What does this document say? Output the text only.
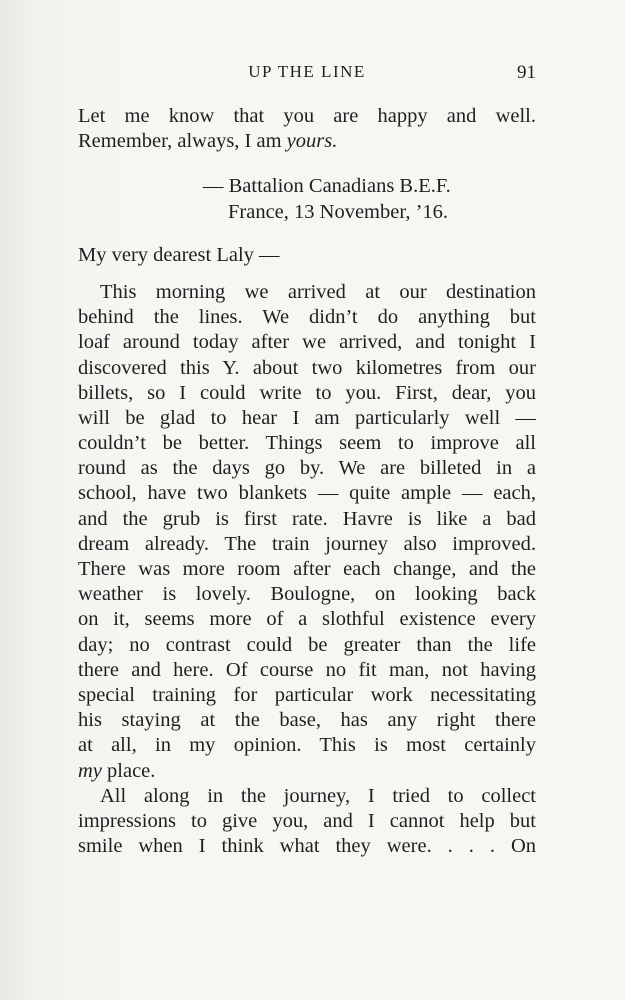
UP THE LINE	91
Let me know that you are happy and well.
Remember, always, I am yours.
— Battalion Canadians B.E.F.
France, 13 November, ’16.
My very dearest Laly —
This morning we arrived at our destination
behind the lines. We didn’t do anything but
loaf around today after we arrived, and tonight I
discovered this Y. about two kilometres from our
billets, so I could write to you. First, dear, you
will be glad to hear I am particularly well —
couldn’t be better. Things seem to improve all
round as the days go by. We are billeted in a
school, have two blankets — quite ample — each,
and the grub is first rate. Havre is like a bad
dream already. The train journey also improved.
There was more room after each change, and the
weather is lovely. Boulogne, on looking back
on it, seems more of a slothful existence every
day; no contrast could be greater than the life
there and here. Of course no fit man, not having
special training for particular work necessitating
his staying at the base, has any right there
at all, in my opinion. This is most certainly
my place.
All along in the journey, I tried to collect
impressions to give you, and I cannot help but
smile when I think what they were. . . . On
